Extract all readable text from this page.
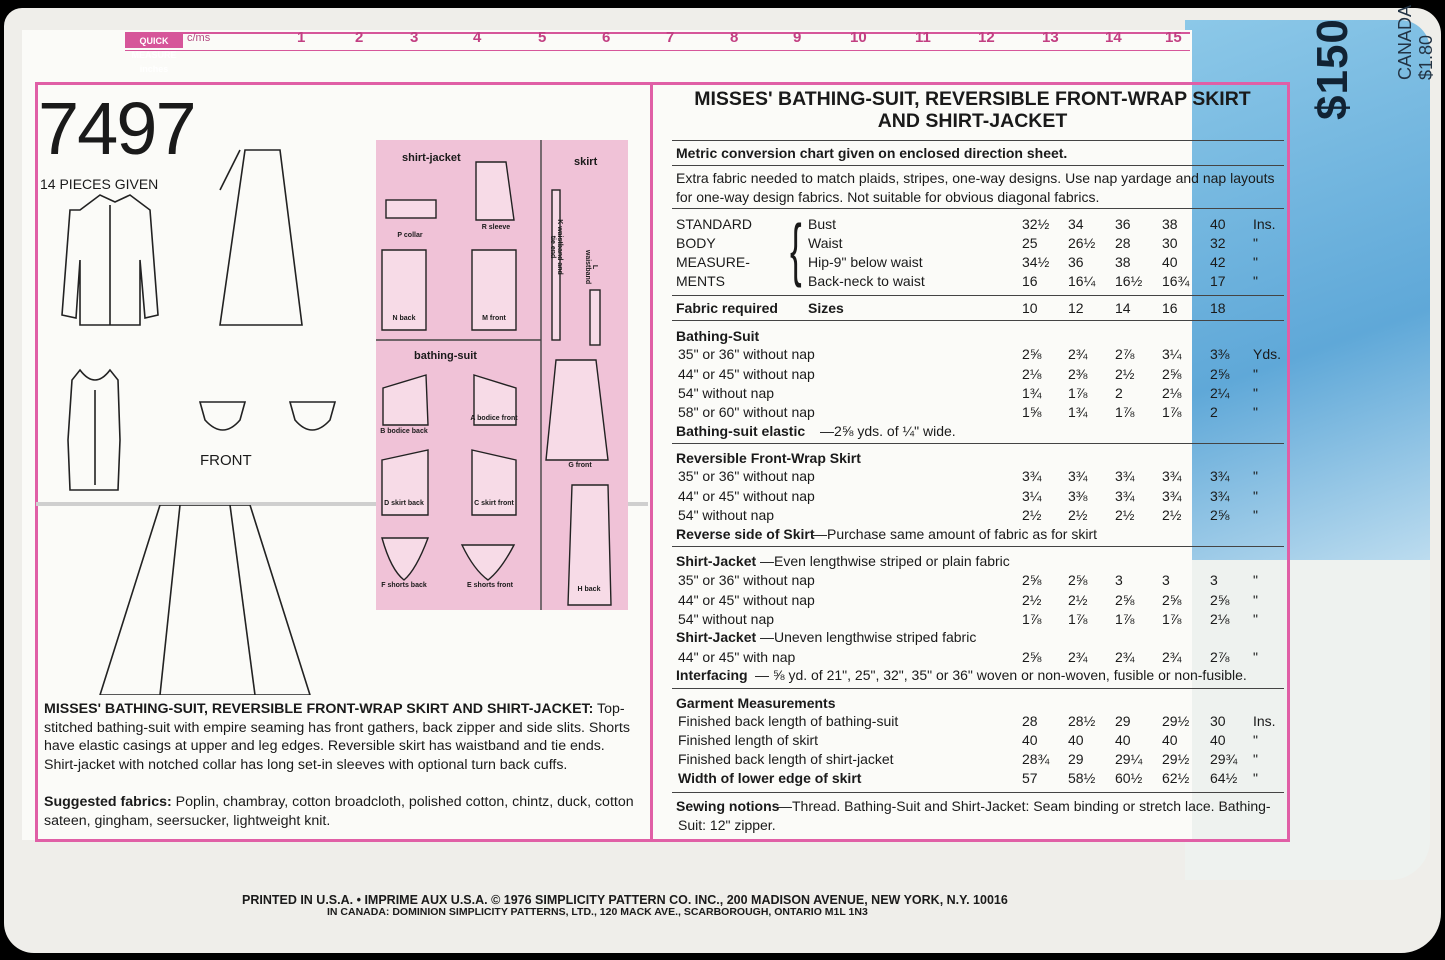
$150 CANADA $1.80
QUICK MEASURE inches
c/ms	1	2	3	4	5	6	7	8	9	10	11	12	13	14	15
7497
14 PIECES GIVEN
FRONT
shirt-jacket	skirt
bathing-suit
P collar
R sleeve
N back	M front
K waistband and tie end
L waistband
B bodice back
A bodice front
G front
D skirt back	C skirt front
F shorts back	E shorts front
H back
MISSES' BATHING-SUIT, REVERSIBLE FRONT-WRAP SKIRT AND SHIRT-JACKET: Top-stitched bathing-suit with empire seaming has front gathers, back zipper and side slits. Shorts have elastic casings at upper and leg edges. Reversible skirt has waistband and tie ends. Shirt-jacket with notched collar has long set-in sleeves with optional turn back cuffs.
Suggested fabrics: Poplin, chambray, cotton broadcloth, polished cotton, chintz, duck, cotton sateen, gingham, seersucker, lightweight knit.
MISSES' BATHING-SUIT, REVERSIBLE FRONT-WRAP SKIRT
AND SHIRT-JACKET
Metric conversion chart given on enclosed direction sheet.
Extra fabric needed to match plaids, stripes, one-way designs. Use nap yardage and nap layouts
for one-way design fabrics. Not suitable for obvious diagonal fabrics.
STANDARD	Bust	32½ 34 36 38 40 Ins.
BODY	Waist	25 26½ 28 30 32 "
MEASURE-	Hip-9" below waist	34½ 36 38 40 42 "
MENTS	Back-neck to waist	16 16¼ 16½ 16¾ 17 "
Fabric required Sizes	10 12 14 16 18
Bathing-Suit
35" or 36" without nap	2⅝ 2¾ 2⅞ 3¼ 3⅜ Yds.
44" or 45" without nap	2⅛ 2⅜ 2½ 2⅝ 2⅝ "
54" without nap	1¾ 1⅞ 2	2⅛ 2¼ "
58" or 60" without nap	1⅝ 1¾ 1⅞ 1⅞ 2	"
Bathing-suit elastic —2⅝ yds. of ¼" wide.
Reversible Front-Wrap Skirt
35" or 36" without nap	3¾ 3¾ 3¾ 3¾ 3¾ "
44" or 45" without nap	3¼ 3⅜ 3¾ 3¾ 3¾ "
54" without nap	2½ 2½ 2½ 2½ 2⅝ "
Reverse side of Skirt
—Purchase same amount of fabric as for skirt
Shirt-Jacket —Even lengthwise striped or plain fabric
35" or 36" without nap	2⅝ 2⅝ 3	3	3	"
44" or 45" without nap	2½ 2½ 2⅝ 2⅝ 2⅝ "
54" without nap	1⅞ 1⅞ 1⅞ 1⅞ 2⅛ "
Shirt-Jacket —Uneven lengthwise striped fabric
44" or 45" with nap	2⅝ 2¾ 2¾ 2¾ 2⅞ "
Interfacing — ⅝ yd. of 21", 25", 32", 35" or 36" woven or non-woven, fusible or non-fusible.
Garment Measurements
Finished back length of bathing-suit	28 28½ 29 29½ 30 Ins.
Finished length of skirt	40 40 40 40 40 "
Finished back length of shirt-jacket	28¾ 29 29¼ 29½ 29¾ "
Width of lower edge of skirt	57 58½ 60½ 62½ 64½ "
Sewing notions
—Thread. Bathing-Suit and Shirt-Jacket: Seam binding or stretch lace. Bathing-
Suit: 12" zipper.
{
PRINTED IN U.S.A. • IMPRIME AUX U.S.A. © 1976 SIMPLICITY PATTERN CO. INC., 200 MADISON AVENUE, NEW YORK, N.Y. 10016
IN CANADA: DOMINION SIMPLICITY PATTERNS, LTD., 120 MACK AVE., SCARBOROUGH, ONTARIO M1L 1N3
